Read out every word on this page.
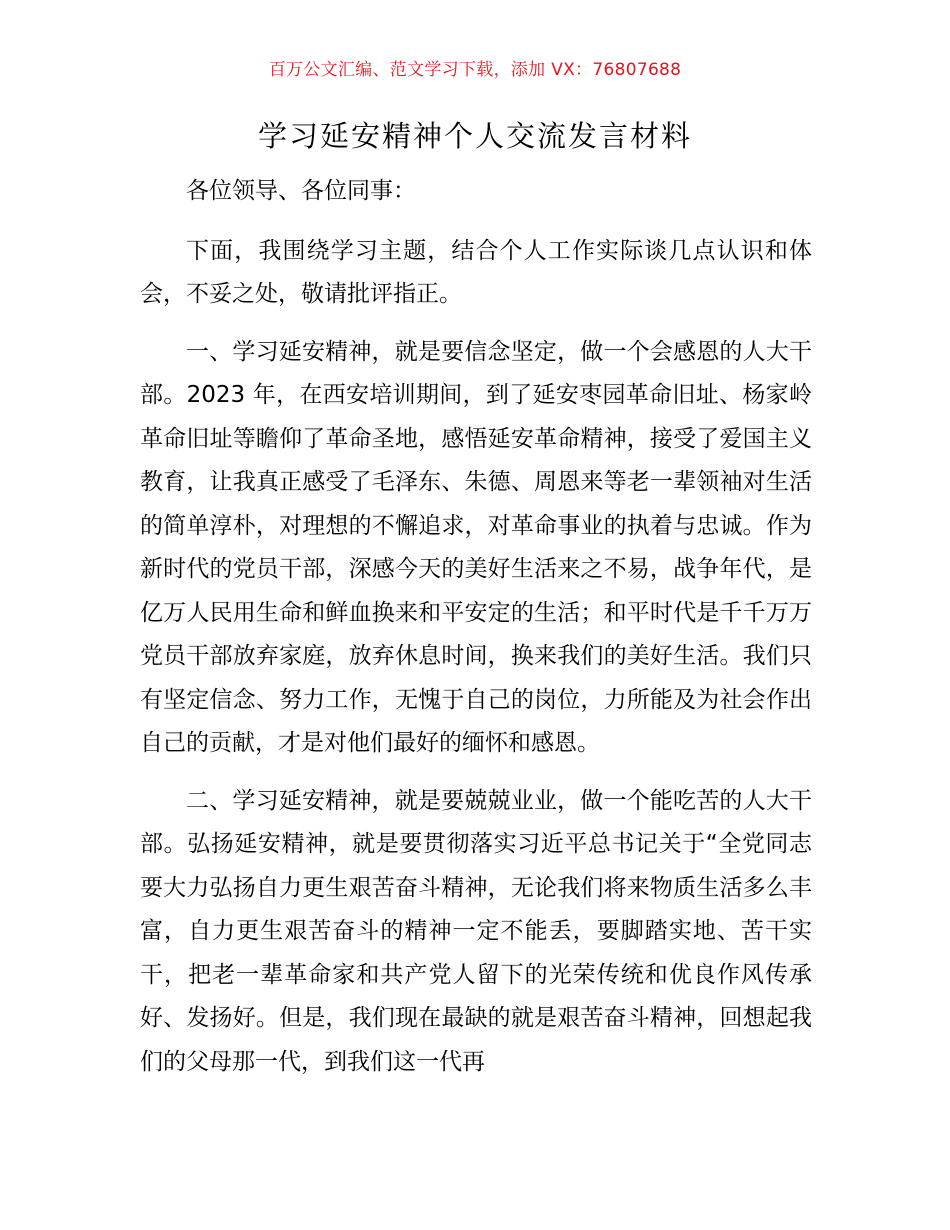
百万公文汇编、范文学习下载，添加 VX：76807688
学习延安精神个人交流发言材料

各位领导、各位同事：

下面，我围绕学习主题，结合个人工作实际谈几点认识和体会，不妥之处，敬请批评指正。

一、学习延安精神，就是要信念坚定，做一个会感恩的人大干部。2023 年，在西安培训期间，到了延安枣园革命旧址、杨家岭革命旧址等瞻仰了革命圣地，感悟延安革命精神，接受了爱国主义教育，让我真正感受了毛泽东、朱德、周恩来等老一辈领袖对生活的简单淳朴，对理想的不懈追求，对革命事业的执着与忠诚。作为新时代的党员干部，深感今天的美好生活来之不易，战争年代，是亿万人民用生命和鲜血换来和平安定的生活；和平时代是千千万万党员干部放弃家庭，放弃休息时间，换来我们的美好生活。我们只有坚定信念、努力工作，无愧于自己的岗位，力所能及为社会作出自己的贡献，才是对他们最好的缅怀和感恩。

二、学习延安精神，就是要兢兢业业，做一个能吃苦的人大干部。弘扬延安精神，就是要贯彻落实习近平总书记关于“全党同志要大力弘扬自力更生艰苦奋斗精神，无论我们将来物质生活多么丰富，自力更生艰苦奋斗的精神一定不能丢，要脚踏实地、苦干实干，把老一辈革命家和共产党人留下的光荣传统和优良作风传承好、发扬好。但是，我们现在最缺的就是艰苦奋斗精神，回想起我们的父母那一代，到我们这一代再
